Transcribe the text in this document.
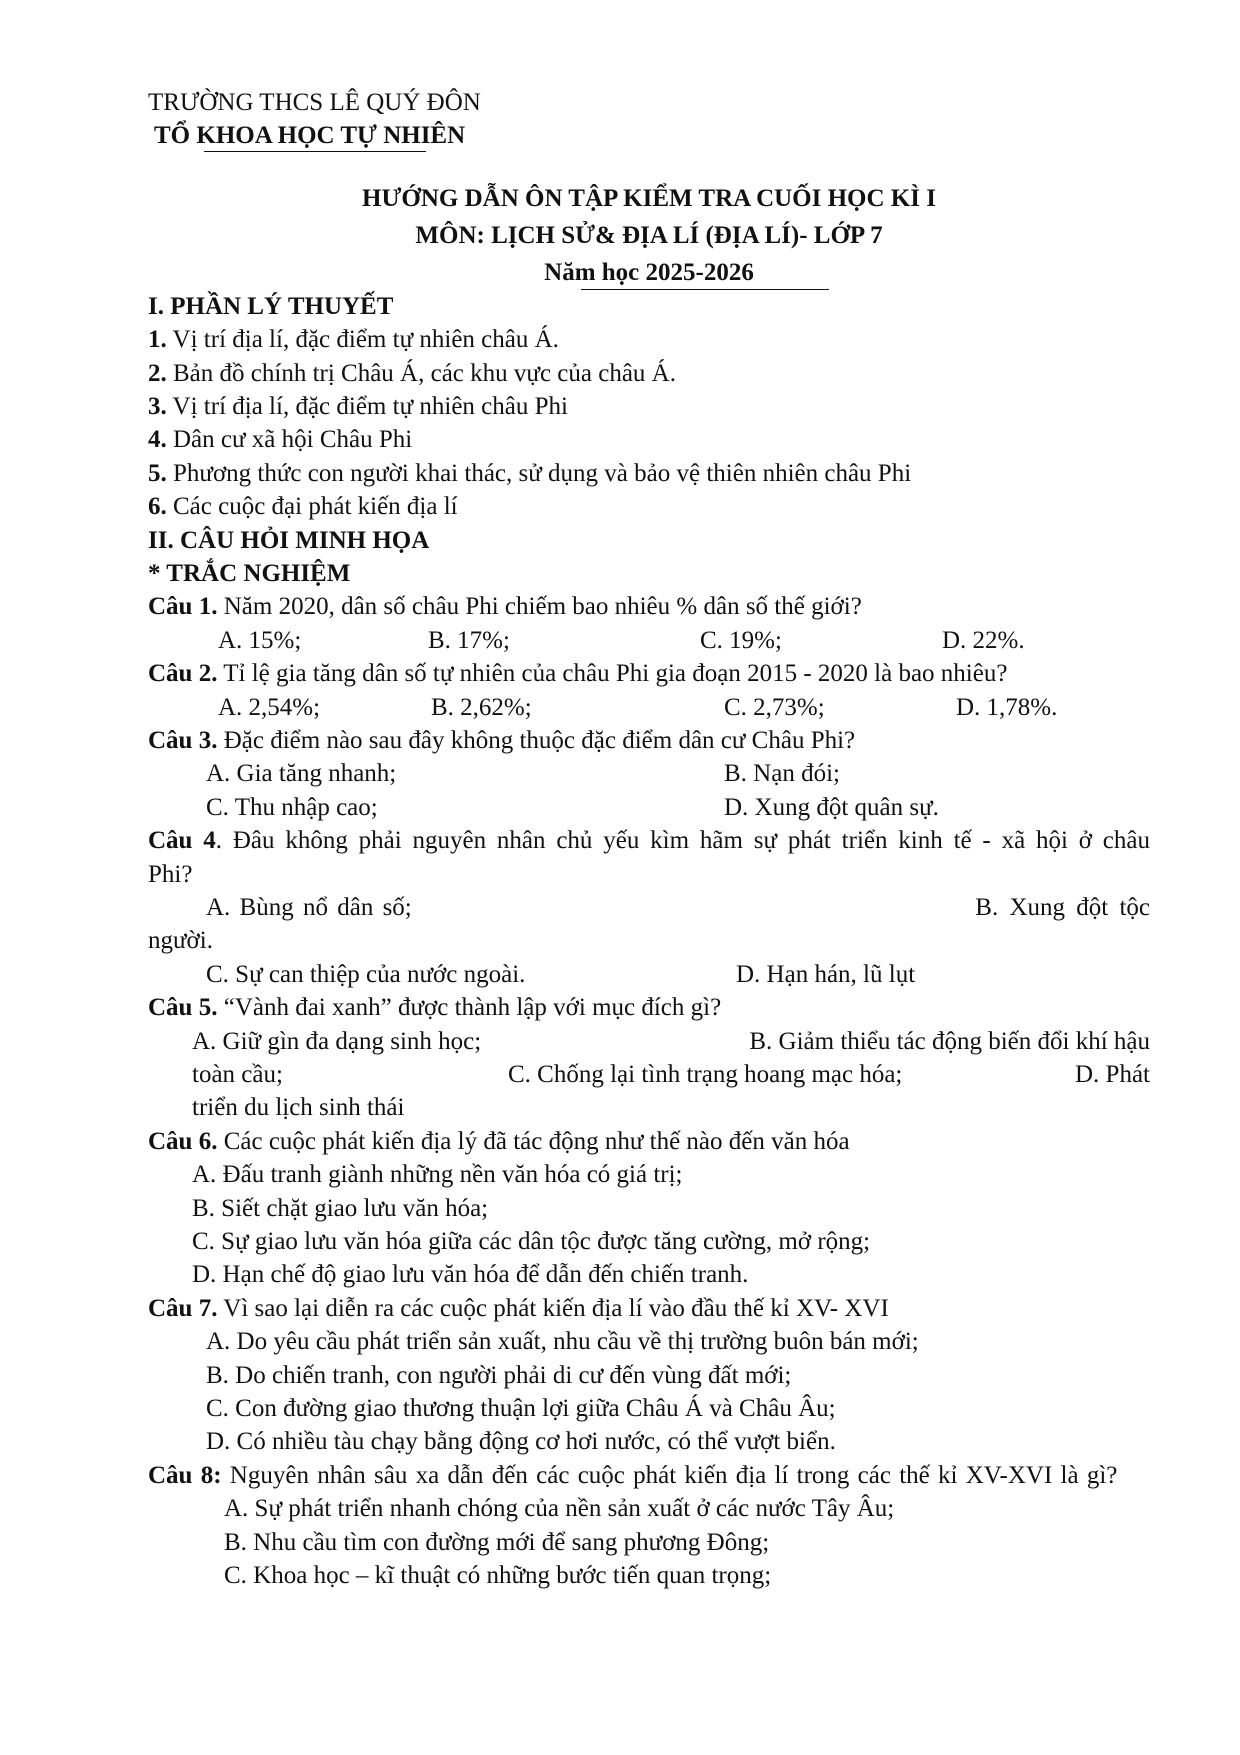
TRƯỜNG THCS LÊ QUÝ ĐÔN
TỔ KHOA HỌC TỰ NHIÊN
HƯỚNG DẪN ÔN TẬP KIỂM TRA CUỐI HỌC KÌ I
MÔN: LỊCH SỬ& ĐỊA LÍ (ĐỊA LÍ)- LỚP 7
Năm học 2025-2026
I. PHẦN LÝ THUYẾT
1. Vị trí địa lí, đặc điểm tự nhiên châu Á.
2. Bản đồ chính trị Châu Á, các khu vực của châu Á.
3. Vị trí địa lí, đặc điểm tự nhiên châu Phi
4. Dân cư xã hội Châu Phi
5. Phương thức con người khai thác, sử dụng và bảo vệ thiên nhiên châu Phi
6. Các cuộc đại phát kiến địa lí
II. CÂU HỎI MINH HỌA
* TRẮC NGHIỆM
Câu 1. Năm 2020, dân số châu Phi chiếm bao nhiêu % dân số thế giới?
A. 15%;	B. 17%;	C. 19%;	D. 22%.
Câu 2. Tỉ lệ gia tăng dân số tự nhiên của châu Phi gia đoạn 2015 - 2020 là bao nhiêu?
A. 2,54%;	B. 2,62%;	C. 2,73%;	D. 1,78%.
Câu 3. Đặc điểm nào sau đây không thuộc đặc điểm dân cư Châu Phi?
A. Gia tăng nhanh;	B. Nạn đói;
C. Thu nhập cao;	D. Xung đột quân sự.
Câu 4. Đâu không phải nguyên nhân chủ yếu kìm hãm sự phát triển kinh tế - xã hội ở châu Phi?
A. Bùng nổ dân số;	B. Xung đột tộc
người.
C. Sự can thiệp của nước ngoài.	D. Hạn hán, lũ lụt
Câu 5. “Vành đai xanh” được thành lập với mục đích gì?
A. Giữ gìn đa dạng sinh học;	B. Giảm thiểu tác động biến đổi khí hậu
toàn cầu;	C. Chống lại tình trạng hoang mạc hóa;	D. Phát
triển du lịch sinh thái
Câu 6. Các cuộc phát kiến địa lý đã tác động như thế nào đến văn hóa
A. Đấu tranh giành những nền văn hóa có giá trị;
B. Siết chặt giao lưu văn hóa;
C. Sự giao lưu văn hóa giữa các dân tộc được tăng cường, mở rộng;
D. Hạn chế độ giao lưu văn hóa để dẫn đến chiến tranh.
Câu 7. Vì sao lại diễn ra các cuộc phát kiến địa lí vào đầu thế kỉ XV- XVI
A. Do yêu cầu phát triển sản xuất, nhu cầu về thị trường buôn bán mới;
B. Do chiến tranh, con người phải di cư đến vùng đất mới;
C. Con đường giao thương thuận lợi giữa Châu Á và Châu Âu;
D. Có nhiều tàu chạy bằng động cơ hơi nước, có thể vượt biển.
Câu 8: Nguyên nhân sâu xa dẫn đến các cuộc phát kiến địa lí trong các thế kỉ XV-XVI là gì?
A. Sự phát triển nhanh chóng của nền sản xuất ở các nước Tây Âu;
B. Nhu cầu tìm con đường mới để sang phương Đông;
C. Khoa học – kĩ thuật có những bước tiến quan trọng;
